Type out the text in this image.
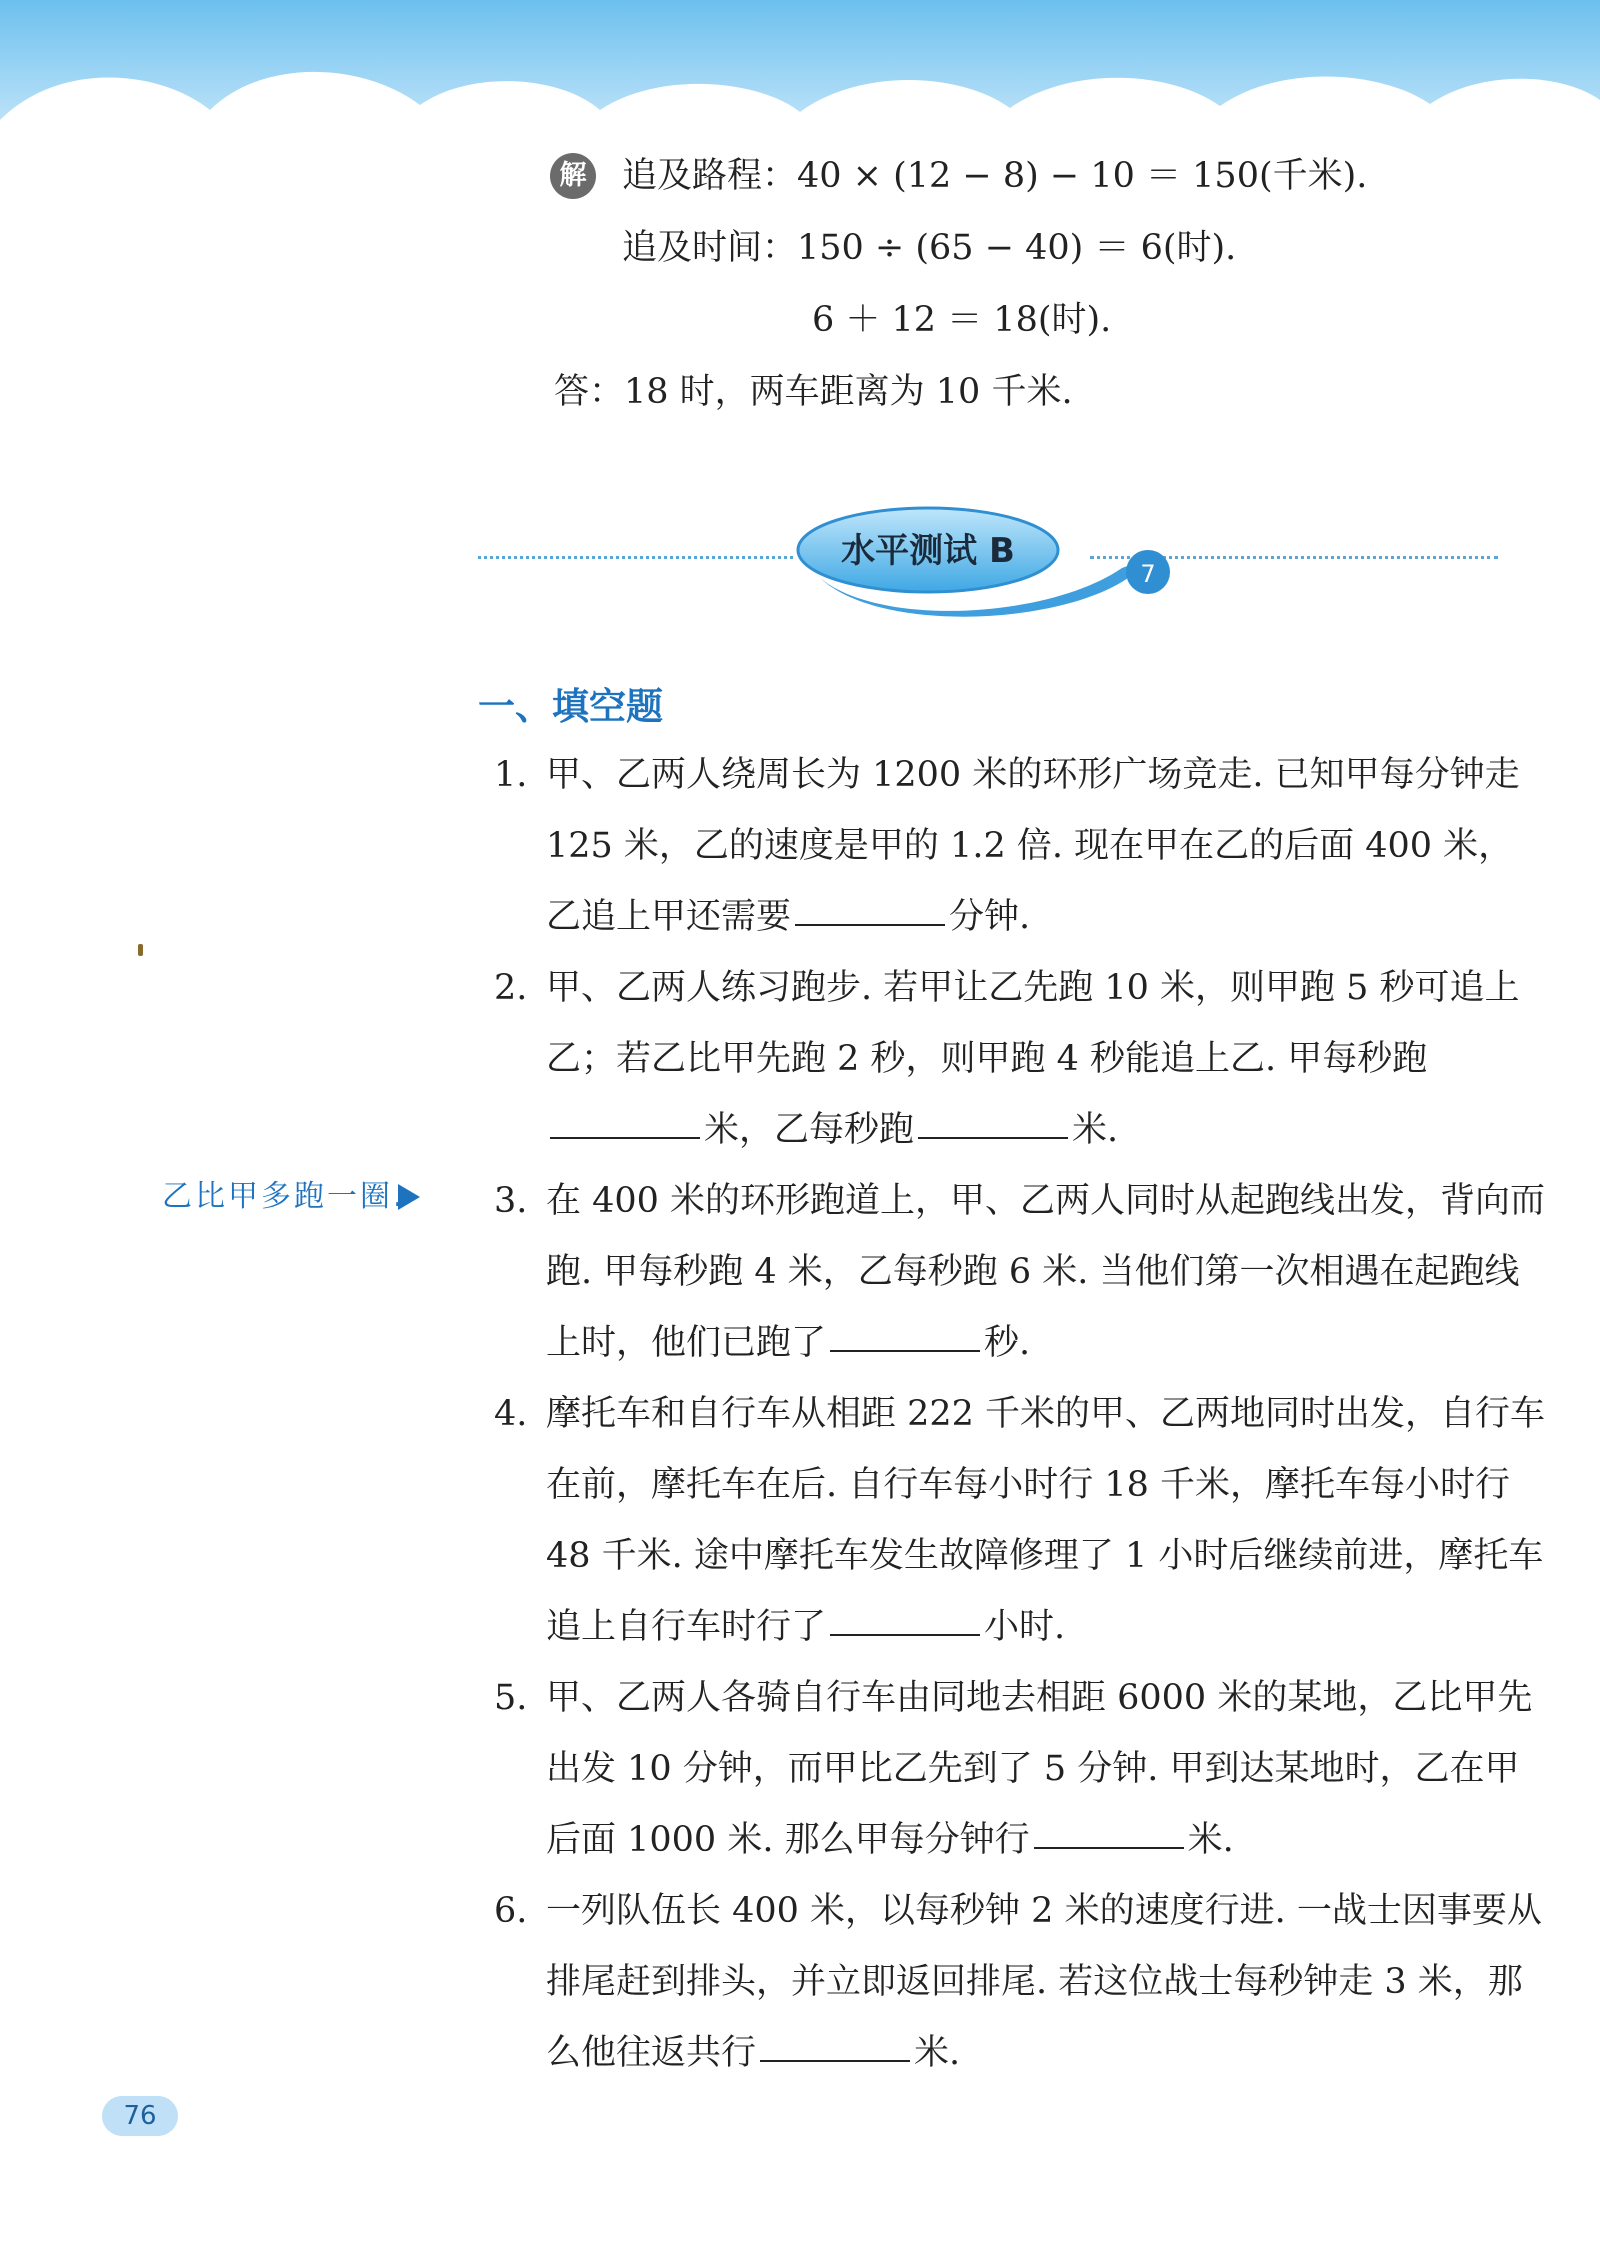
解 追及路程：40 × (12 − 8) − 10 ＝ 150(千米).
追及时间：150 ÷ (65 − 40) ＝ 6(时).
6 ＋ 12 ＝ 18(时).
答：18 时，两车距离为 10 千米.
水平测试 B
7
一、填空题
1. 甲、乙两人绕周长为 1200 米的环形广场竞走. 已知甲每分钟走 125 米，乙的速度是甲的 1.2 倍. 现在甲在乙的后面 400 米，乙追上甲还需要	分钟.
2. 甲、乙两人练习跑步. 若甲让乙先跑 10 米，则甲跑 5 秒可追上乙；若乙比甲先跑 2 秒，则甲跑 4 秒能追上乙. 甲每秒跑米，乙每秒跑	米.
3. 在 400 米的环形跑道上，甲、乙两人同时从起跑线出发，背向而跑. 甲每秒跑 4 米，乙每秒跑 6 米. 当他们第一次相遇在起跑线上时，他们已跑了	秒.
4. 摩托车和自行车从相距 222 千米的甲、乙两地同时出发，自行车在前，摩托车在后. 自行车每小时行 18 千米，摩托车每小时行 48 千米. 途中摩托车发生故障修理了 1 小时后继续前进，摩托车追上自行车时行了	小时.
5. 甲、乙两人各骑自行车由同地去相距 6000 米的某地，乙比甲先出发 10 分钟，而甲比乙先到了 5 分钟. 甲到达某地时，乙在甲后面 1000 米. 那么甲每分钟行	米.
6. 一列队伍长 400 米，以每秒钟 2 米的速度行进. 一战士因事要从排尾赶到排头，并立即返回排尾. 若这位战士每秒钟走 3 米，那么他往返共行	米.
乙比甲多跑一圈.
76
